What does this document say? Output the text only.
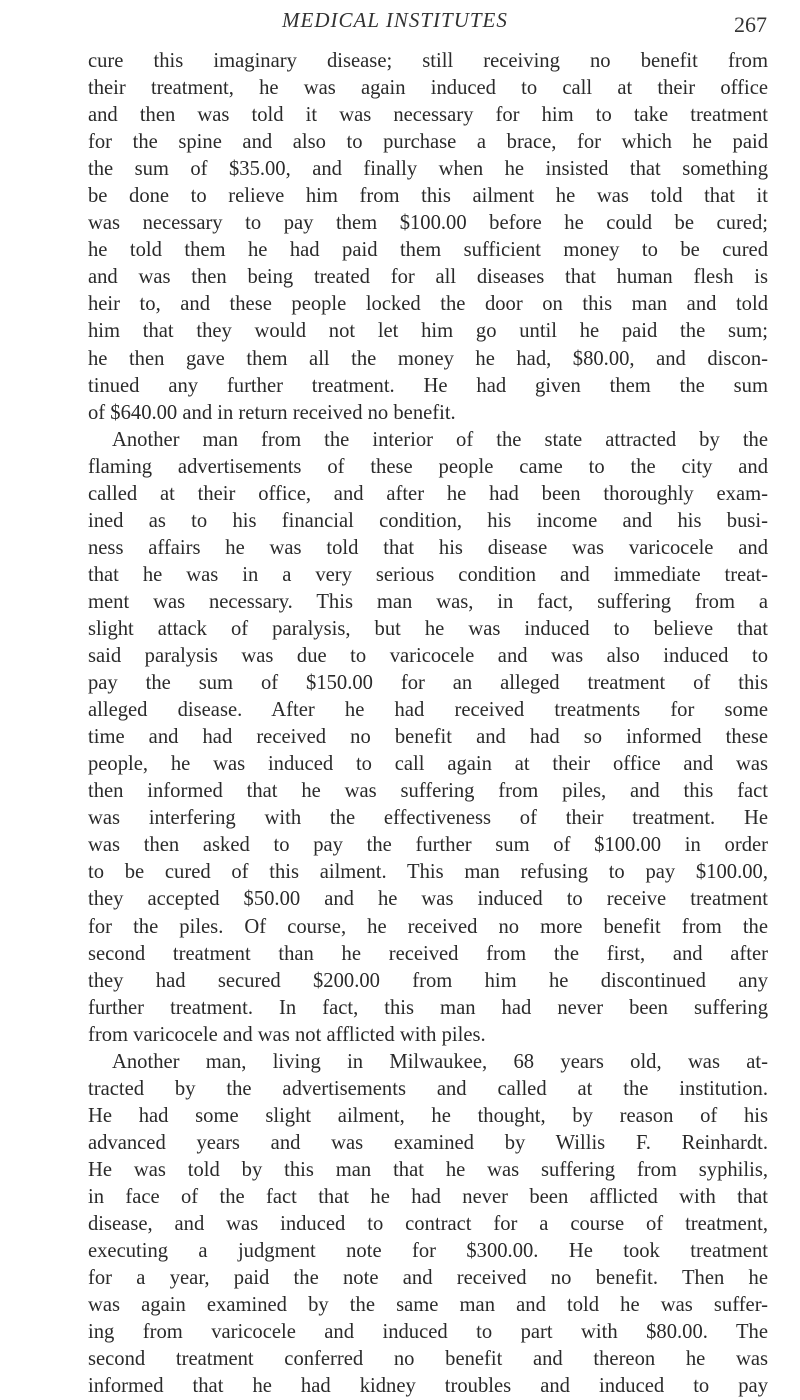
MEDICAL INSTITUTES	267

cure this imaginary disease; still receiving no benefit from
their treatment, he was again induced to call at their office
and then was told it was necessary for him to take treatment
for the spine and also to purchase a brace, for which he paid
the sum of $35.00, and finally when he insisted that something
be done to relieve him from this ailment he was told that it
was necessary to pay them $100.00 before he could be cured;
he told them he had paid them sufficient money to be cured
and was then being treated for all diseases that human flesh is
heir to, and these people locked the door on this man and told
him that they would not let him go until he paid the sum;
he then gave them all the money he had, $80.00, and discon-
tinued any further treatment. He had given them the sum
of $640.00 and in return received no benefit.

Another man from the interior of the state attracted by the
flaming advertisements of these people came to the city and
called at their office, and after he had been thoroughly exam-
ined as to his financial condition, his income and his busi-
ness affairs he was told that his disease was varicocele and
that he was in a very serious condition and immediate treat-
ment was necessary. This man was, in fact, suffering from a
slight attack of paralysis, but he was induced to believe that
said paralysis was due to varicocele and was also induced to
pay the sum of $150.00 for an alleged treatment of this
alleged disease. After he had received treatments for some
time and had received no benefit and had so informed these
people, he was induced to call again at their office and was
then informed that he was suffering from piles, and this fact
was interfering with the effectiveness of their treatment. He
was then asked to pay the further sum of $100.00 in order
to be cured of this ailment. This man refusing to pay $100.00,
they accepted $50.00 and he was induced to receive treatment
for the piles. Of course, he received no more benefit from the
second treatment than he received from the first, and after
they had secured $200.00 from him he discontinued any
further treatment. In fact, this man had never been suffering
from varicocele and was not afflicted with piles.

Another man, living in Milwaukee, 68 years old, was at-
tracted by the advertisements and called at the institution.
He had some slight ailment, he thought, by reason of his
advanced years and was examined by Willis F. Reinhardt.
He was told by this man that he was suffering from syphilis,
in face of the fact that he had never been afflicted with that
disease, and was induced to contract for a course of treatment,
executing a judgment note for $300.00. He took treatment
for a year, paid the note and received no benefit. Then he
was again examined by the same man and told he was suffer-
ing from varicocele and induced to part with $80.00. The
second treatment conferred no benefit and thereon he was
informed that he had kidney troubles and induced to pay
